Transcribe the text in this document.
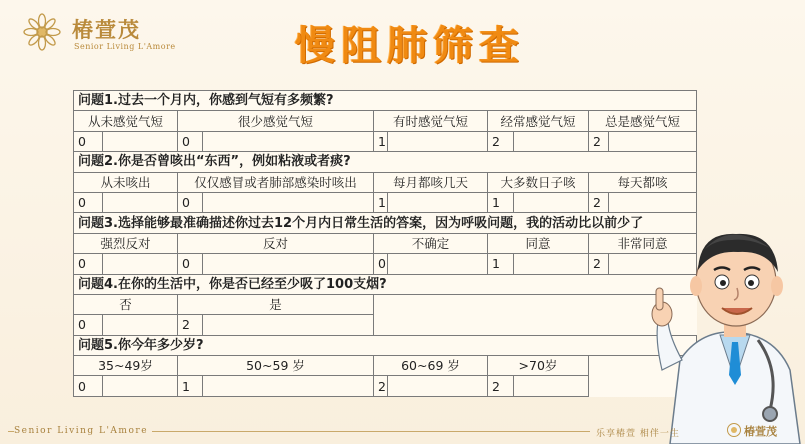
椿萱茂
Senior Living L'Amore	慢阻肺筛查
问题1.过去一个月内，你感到气短有多频繁?									
从未感觉气短		很少感觉气短		有时感觉气短		经常感觉气短		总是感觉气短	
0		0		1		2		2	
问题2.你是否曾咳出“东西”，例如粘液或者痰?									
从未咳出		仅仅感冒或者肺部感染时咳出		每月都咳几天		大多数日子咳		每天都咳	
0		0		1		1		2	
问题3.选择能够最准确描述你过去12个月内日常生活的答案，因为呼吸问题，我的活动比以前少了									
强烈反对		反对		不确定		同意		非常同意	
0		0		0		1		2	
问题4.在你的生活中，你是否已经至少吸了100支烟?									
否		是							
0		2							
问题5.你今年多少岁?									
35~49岁		50~59 岁		60~69 岁		>70岁			
0		1		2		2			
Senior Living L'Amore	乐享椿萱 相伴一生	椿萱茂
